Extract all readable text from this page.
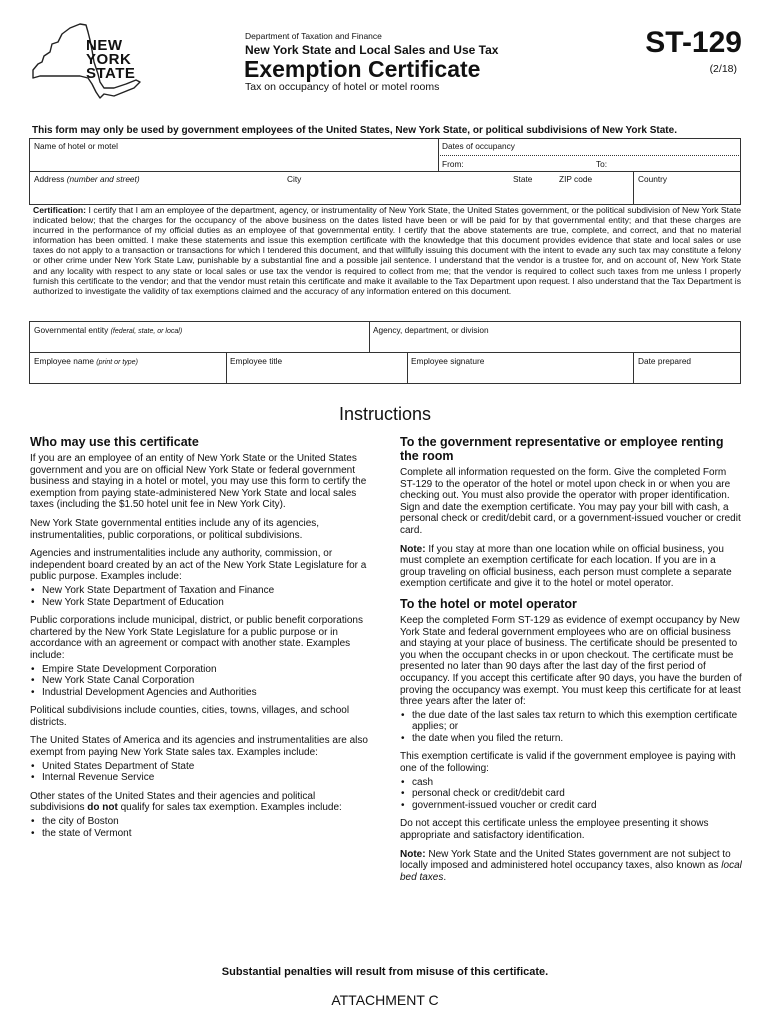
NEW
YORK
STATE
Department of Taxation and Finance
New York State and Local Sales and Use Tax
Exemption Certificate
Tax on occupancy of hotel or motel rooms
ST-129
(2/18)
This form may only be used by government employees of the United States, New York State, or political subdivisions of New York State.
Name of hotel or motel	Dates of occupancy
From:	To:
Address (number and street)	City	State	ZIP code	Country
Certification: I certify that I am an employee of the department, agency, or instrumentality of New York State, the United States government, or the political subdivision of New York State indicated below; that the charges for the occupancy of the above business on the dates listed have been or will be paid for by that governmental entity; and that these charges are incurred in the performance of my official duties as an employee of that governmental entity. I certify that the above statements are true, complete, and correct, and that no material information has been omitted. I make these statements and issue this exemption certificate with the knowledge that this document provides evidence that state and local sales or use taxes do not apply to a transaction or transactions for which I tendered this document, and that willfully issuing this document with the intent to evade any such tax may constitute a felony or other crime under New York State Law, punishable by a substantial fine and a possible jail sentence. I understand that the vendor is a trustee for, and on account of, New York State and any locality with respect to any state or local sales or use tax the vendor is required to collect from me; that the vendor is required to collect such taxes from me unless I properly furnish this certificate to the vendor; and that the vendor must retain this certificate and make it available to the Tax Department upon request. I also understand that the Tax Department is authorized to investigate the validity of tax exemptions claimed and the accuracy of any information entered on this document.
Governmental entity (federal, state, or local)	Agency, department, or division
Employee name (print or type)	Employee title	Employee signature	Date prepared
Instructions
Who may use this certificate

If you are an employee of an entity of New York State or the United States government and you are on official New York State or federal government business and staying in a hotel or motel, you may use this form to certify the exemption from paying state-administered New York State and local sales taxes (including the $1.50 hotel unit fee in New York City).

New York State governmental entities include any of its agencies, instrumentalities, public corporations, or political subdivisions.

Agencies and instrumentalities include any authority, commission, or independent board created by an act of the New York State Legislature for a public purpose. Examples include:

• New York State Department of Taxation and Finance
• New York State Department of Education

Public corporations include municipal, district, or public benefit corporations chartered by the New York State Legislature for a public purpose or in accordance with an agreement or compact with another state. Examples include:

• Empire State Development Corporation
• New York State Canal Corporation
• Industrial Development Agencies and Authorities

Political subdivisions include counties, cities, towns, villages, and school districts.

The United States of America and its agencies and instrumentalities are also exempt from paying New York State sales tax. Examples include:

• United States Department of State
• Internal Revenue Service

Other states of the United States and their agencies and political subdivisions do not qualify for sales tax exemption. Examples include:

• the city of Boston
• the state of Vermont
To the government representative or employee renting the room

Complete all information requested on the form. Give the completed Form ST-129 to the operator of the hotel or motel upon check in or when you are checking out. You must also provide the operator with proper identification. Sign and date the exemption certificate. You may pay your bill with cash, a personal check or credit/debit card, or a government-issued voucher or credit card.

Note: If you stay at more than one location while on official business, you must complete an exemption certificate for each location. If you are in a group traveling on official business, each person must complete a separate exemption certificate and give it to the hotel or motel operator.

To the hotel or motel operator

Keep the completed Form ST-129 as evidence of exempt occupancy by New York State and federal government employees who are on official business and staying at your place of business. The certificate should be presented to you when the occupant checks in or upon checkout. The certificate must be presented no later than 90 days after the last day of the first period of occupancy. If you accept this certificate after 90 days, you have the burden of proving the occupancy was exempt. You must keep this certificate for at least three years after the later of:

• the due date of the last sales tax return to which this exemption certificate applies; or
• the date when you filed the return.

This exemption certificate is valid if the government employee is paying with one of the following:

• cash
• personal check or credit/debit card
• government-issued voucher or credit card

Do not accept this certificate unless the employee presenting it shows appropriate and satisfactory identification.

Note: New York State and the United States government are not subject to locally imposed and administered hotel occupancy taxes, also known as local bed taxes.

Substantial penalties will result from misuse of this certificate.
ATTACHMENT C
